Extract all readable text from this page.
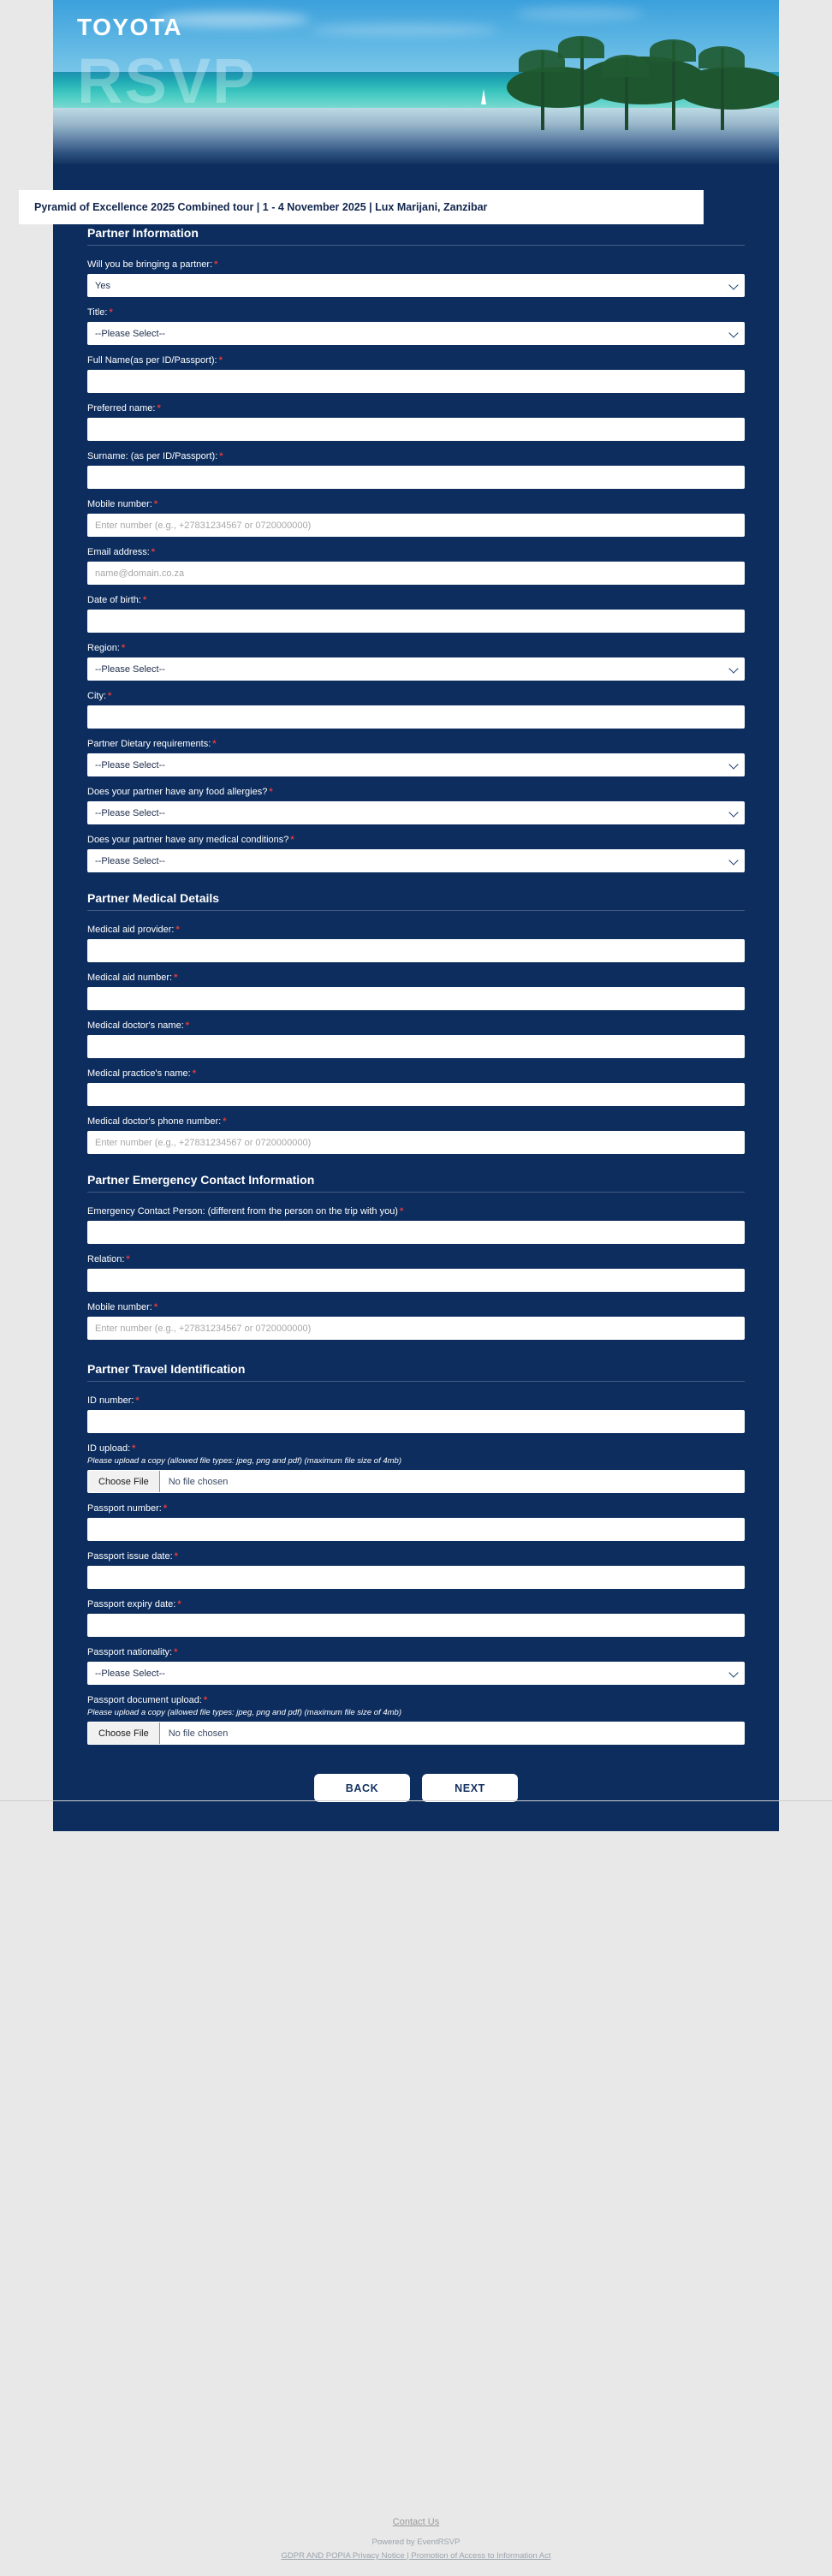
RSVP
TOYOTA
Partner Information
Will you be bringing a partner: *
Yes
Title: *
--Please Select--
Full Name(as per ID/Passport): *
Preferred name: *
Surname: (as per ID/Passport): *
Mobile number: *
Enter number (e.g., +27831234567 or 0720000000)
Email address: *
name@domain.co.za
Date of birth: *
Region: *
--Please Select--
City: *
Partner Dietary requirements: *
--Please Select--
Does your partner have any food allergies? *
--Please Select--
Does your partner have any medical conditions? *
--Please Select--
Partner Medical Details
Medical aid provider: *
Medical aid number: *
Medical doctor's name: *
Medical practice's name: *
Medical doctor's phone number: *
Enter number (e.g., +27831234567 or 0720000000)
Partner Emergency Contact Information
Emergency Contact Person: (different from the person on the trip with you) *
Relation: *
Mobile number: *
Enter number (e.g., +27831234567 or 0720000000)
Partner Travel Identification
ID number: *
ID upload: *
Please upload a copy (allowed file types: jpeg, png and pdf) (maximum file size of 4mb)
Choose File	No file chosen
Passport number: *
Passport issue date: *
Passport expiry date: *
Passport nationality: *
--Please Select--
Passport document upload: *
Please upload a copy (allowed file types: jpeg, png and pdf) (maximum file size of 4mb)
Choose File	No file chosen
BACK	NEXT
Pyramid of Excellence 2025 Combined tour | 1 - 4 November 2025 | Lux Marijani, Zanzibar
Contact Us
Powered by EventRSVP
GDPR AND POPIA Privacy Notice | Promotion of Access to Information Act
